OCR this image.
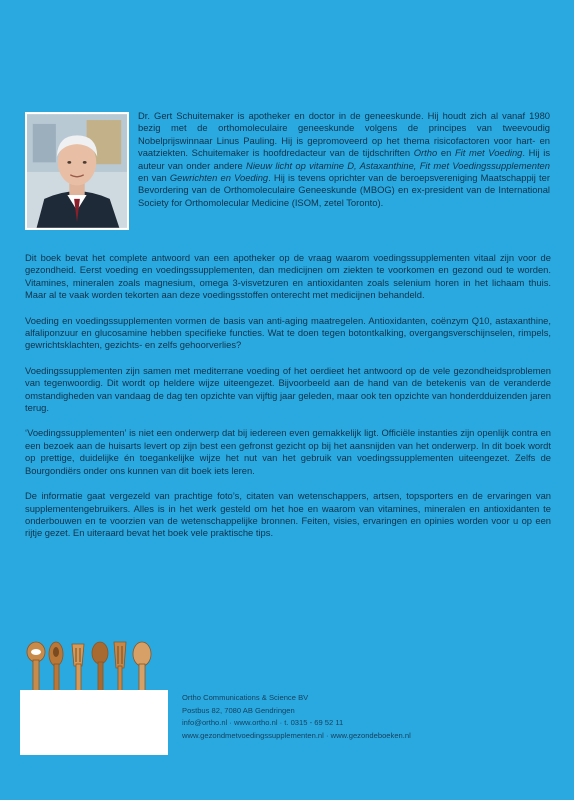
Dr. Gert Schuitemaker is apotheker en doctor in de geneeskunde. Hij houdt zich al vanaf 1980 bezig met de orthomoleculaire geneeskunde volgens de principes van tweevoudig Nobelprijswinnaar Linus Pauling. Hij is gepromoveerd op het thema risicofactoren voor hart- en vaatziekten. Schuitemaker is hoofdredacteur van de tijdschriften Ortho en Fit met Voeding. Hij is auteur van onder andere Nieuw licht op vitamine D, Astaxanthine, Fit met Voedingssupplementen en van Gewrichten en Voeding. Hij is tevens oprichter van de beroepsvereniging Maatschappij ter Bevordering van de Orthomoleculaire Geneeskunde (MBOG) en ex-president van de International Society for Orthomolecular Medicine (ISOM, zetel Toronto).

Dit boek bevat het complete antwoord van een apotheker op de vraag waarom voedingssupplementen vitaal zijn voor de gezondheid. Eerst voeding en voedingssupplementen, dan medicijnen om ziekten te voorkomen en gezond oud te worden. Vitamines, mineralen zoals magnesium, omega 3-visvetzuren en antioxidanten zoals selenium horen in het lichaam thuis. Maar al te vaak worden tekorten aan deze voedingsstoffen onterecht met medicijnen behandeld.

Voeding en voedingssupplementen vormen de basis van anti-aging maatregelen. Antioxidanten, coënzym Q10, astaxanthine, alfaliponzuur en glucosamine hebben specifieke functies. Wat te doen tegen botontkalking, overgangsverschijnselen, rimpels, gewrichtsklachten, gezichts- en zelfs gehoorverlies?

Voedingssupplementen zijn samen met mediterrane voeding of het oerdieet het antwoord op de vele gezondheidsproblemen van tegenwoordig. Dit wordt op heldere wijze uiteengezet. Bijvoorbeeld aan de hand van de betekenis van de veranderde omstandigheden van vandaag de dag ten opzichte van vijftig jaar geleden, maar ook ten opzichte van honderdduizenden jaren terug.

‘Voedingssupplementen’ is niet een onderwerp dat bij iedereen even gemakkelijk ligt. Officiële instanties zijn openlijk contra en een bezoek aan de huisarts levert op zijn best een gefronst gezicht op bij het aansnijden van het onderwerp. In dit boek wordt op prettige, duidelijke én toegankelijke wijze het nut van het gebruik van voedingssupplementen uiteengezet. Zelfs de Bourgondiërs onder ons kunnen van dit boek iets leren.

De informatie gaat vergezeld van prachtige foto’s, citaten van wetenschappers, artsen, topsporters en de ervaringen van supplementengebruikers. Alles is in het werk gesteld om het hoe en waarom van vitamines, mineralen en antioxidanten te onderbouwen en te voorzien van de wetenschappelijke bronnen. Feiten, visies, ervaringen en opinies worden voor u op een rijtje gezet. En uiteraard bevat het boek vele praktische tips.

Ortho Communications & Science BV
Postbus 82, 7080 AB Gendringen
info@ortho.nl · www.ortho.nl · t. 0315 - 69 52 11
www.gezondmetvoedingssupplementen.nl · www.gezondeboeken.nl
